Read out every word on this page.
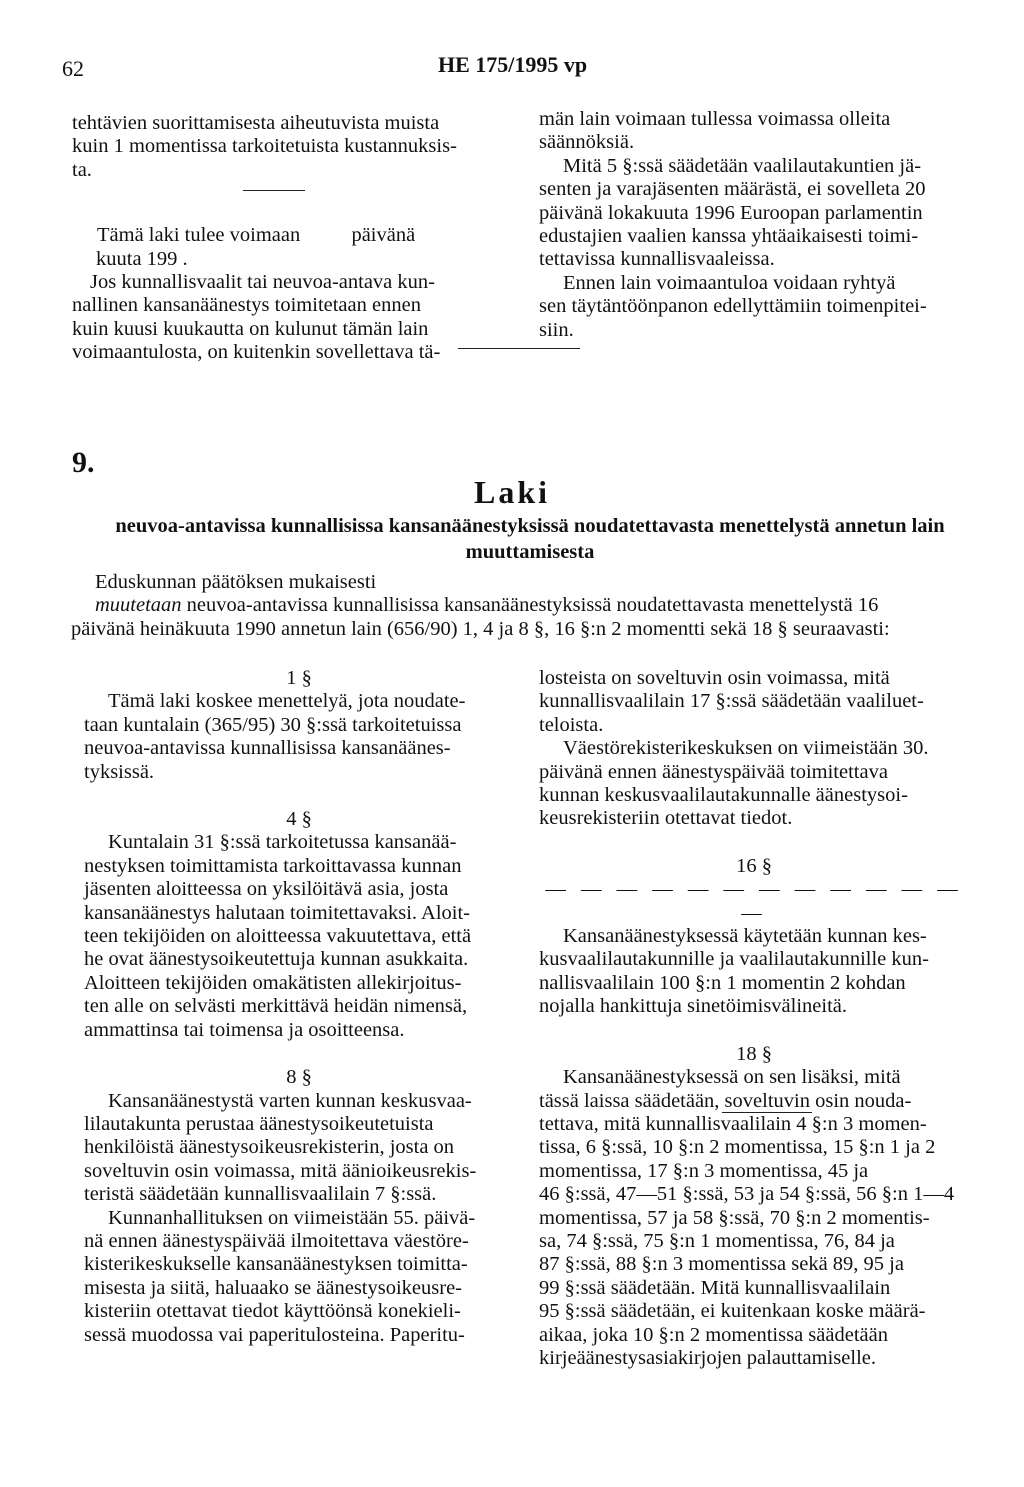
62	HE 175/1995 vp

tehtävien suorittamisesta aiheutuvista muista
kuin 1 momentissa tarkoitetuista kustannuksis-
ta.

Tämä laki tulee voimaan          päivänä

kuuta 199 .

Jos kunnallisvaalit tai neuvoa-antava kun-
nallinen kansanäänestys toimitetaan ennen
kuin kuusi kuukautta on kulunut tämän lain
voimaantulosta, on kuitenkin sovellettava tä-

män lain voimaan tullessa voimassa olleita
säännöksiä.

Mitä 5 §:ssä säädetään vaalilautakuntien jä-
senten ja varajäsenten määrästä, ei sovelleta 20
päivänä lokakuuta 1996 Euroopan parlamentin
edustajien vaalien kanssa yhtäaikaisesti toimi-
tettavissa kunnallisvaaleissa.

Ennen lain voimaantuloa voidaan ryhtyä
sen täytäntöönpanon edellyttämiin toimenpitei-
siin.

9.
Laki
neuvoa-antavissa kunnallisissa kansanäänestyksissä noudatettavasta menettelystä annetun lain
muuttamisesta

Eduskunnan päätöksen mukaisesti

muutetaan neuvoa-antavissa kunnallisissa kansanäänestyksissä noudatettavasta menettelystä 16

päivänä heinäkuuta 1990 annetun lain (656/90) 1, 4 ja 8 §, 16 §:n 2 momentti sekä 18 § seuraavasti:

1 §

Tämä laki koskee menettelyä, jota noudate-
taan kuntalain (365/95) 30 §:ssä tarkoitetuissa
neuvoa-antavissa kunnallisissa kansanäänes-
tyksissä.

4 §

Kuntalain 31 §:ssä tarkoitetussa kansanää-
nestyksen toimittamista tarkoittavassa kunnan
jäsenten aloitteessa on yksilöitävä asia, josta
kansanäänestys halutaan toimitettavaksi. Aloit-
teen tekijöiden on aloitteessa vakuutettava, että
he ovat äänestysoikeutettuja kunnan asukkaita.
Aloitteen tekijöiden omakätisten allekirjoitus-
ten alle on selvästi merkittävä heidän nimensä,
ammattinsa tai toimensa ja osoitteensa.

8 §

Kansanäänestystä varten kunnan keskusvaa-
lilautakunta perustaa äänestysoikeutetuista
henkilöistä äänestysoikeusrekisterin, josta on
soveltuvin osin voimassa, mitä äänioikeusrekis-
teristä säädetään kunnallisvaalilain 7 §:ssä.

Kunnanhallituksen on viimeistään 55. päivä-
nä ennen äänestyspäivää ilmoitettava väestöre-
kisterikeskukselle kansanäänestyksen toimitta-
misesta ja siitä, haluaako se äänestysoikeusre-
kisteriin otettavat tiedot käyttöönsä konekieli-
sessä muodossa vai paperitulosteina. Paperitu-

losteista on soveltuvin osin voimassa, mitä
kunnallisvaalilain 17 §:ssä säädetään vaaliluet-
teloista.

Väestörekisterikeskuksen on viimeistään 30.
päivänä ennen äänestyspäivää toimitettava
kunnan keskusvaalilautakunnalle äänestysoi-
keusrekisteriin otettavat tiedot.

16 §

— — — — — — — — — — — — —

Kansanäänestyksessä käytetään kunnan kes-
kusvaalilautakunnille ja vaalilautakunnille kun-
nallisvaalilain 100 §:n 1 momentin 2 kohdan
nojalla hankittuja sinetöimisvälineitä.

18 §

Kansanäänestyksessä on sen lisäksi, mitä
tässä laissa säädetään, soveltuvin osin nouda-
tettava, mitä kunnallisvaalilain 4 §:n 3 momen-
tissa, 6 §:ssä, 10 §:n 2 momentissa, 15 §:n 1 ja 2
momentissa, 17 §:n 3 momentissa, 45 ja
46 §:ssä, 47—51 §:ssä, 53 ja 54 §:ssä, 56 §:n 1—4
momentissa, 57 ja 58 §:ssä, 70 §:n 2 momentis-
sa, 74 §:ssä, 75 §:n 1 momentissa, 76, 84 ja
87 §:ssä, 88 §:n 3 momentissa sekä 89, 95 ja
99 §:ssä säädetään. Mitä kunnallisvaalilain
95 §:ssä säädetään, ei kuitenkaan koske määrä-
aikaa, joka 10 §:n 2 momentissa säädetään
kirjeäänestysasiakirjojen palauttamiselle.
